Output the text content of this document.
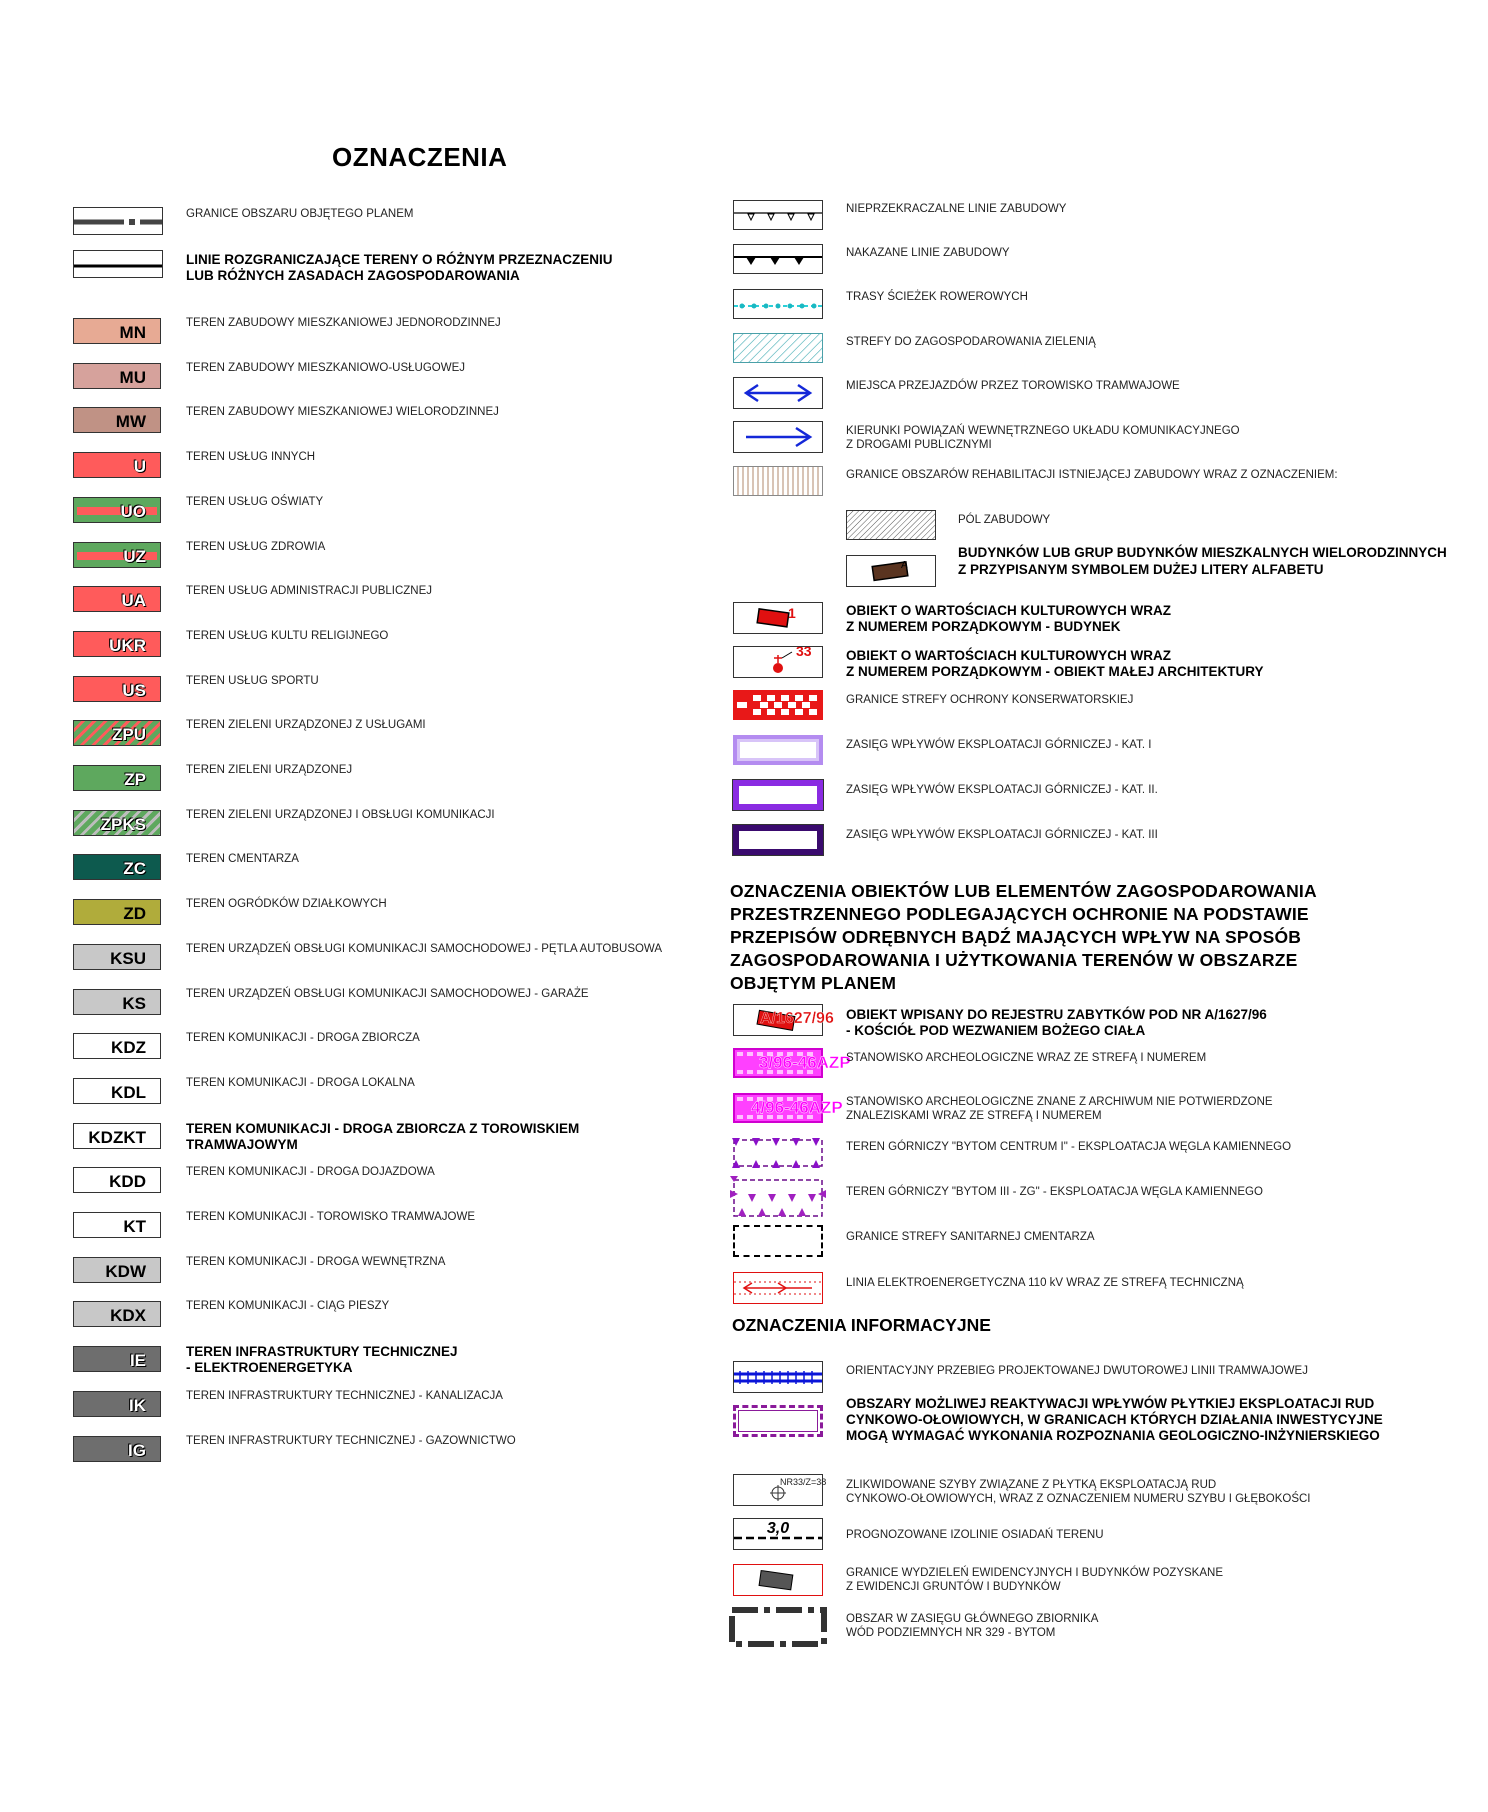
OZNACZENIA
GRANICE OBSZARU OBJĘTEGO PLANEM
LINIE ROZGRANICZAJĄCE TERENY O RÓŻNYM PRZEZNACZENIU
LUB RÓŻNYCH ZASADACH ZAGOSPODAROWANIA
MN	TEREN ZABUDOWY MIESZKANIOWEJ JEDNORODZINNEJ
MU	TEREN ZABUDOWY MIESZKANIOWO-USŁUGOWEJ
MW	TEREN ZABUDOWY MIESZKANIOWEJ WIELORODZINNEJ
U	TEREN USŁUG INNYCH
UO	TEREN USŁUG OŚWIATY
UZ	TEREN USŁUG ZDROWIA
UA	TEREN USŁUG ADMINISTRACJI PUBLICZNEJ
UKR	TEREN USŁUG KULTU RELIGIJNEGO
US	TEREN USŁUG SPORTU
ZPU	TEREN ZIELENI URZĄDZONEJ Z USŁUGAMI
ZP	TEREN ZIELENI URZĄDZONEJ
ZPKS	TEREN ZIELENI URZĄDZONEJ I OBSŁUGI KOMUNIKACJI
ZC	TEREN CMENTARZA
ZD	TEREN OGRÓDKÓW DZIAŁKOWYCH
KSU	TEREN URZĄDZEŃ OBSŁUGI KOMUNIKACJI SAMOCHODOWEJ - PĘTLA AUTOBUSOWA
KS	TEREN URZĄDZEŃ OBSŁUGI KOMUNIKACJI SAMOCHODOWEJ - GARAŻE
KDZ	TEREN KOMUNIKACJI - DROGA ZBIORCZA
KDL	TEREN KOMUNIKACJI - DROGA LOKALNA
KDZKT	TEREN KOMUNIKACJI - DROGA ZBIORCZA Z TOROWISKIEM
TRAMWAJOWYM
KDD	TEREN KOMUNIKACJI - DROGA DOJAZDOWA
KT	TEREN KOMUNIKACJI - TOROWISKO TRAMWAJOWE
KDW	TEREN KOMUNIKACJI - DROGA WEWNĘTRZNA
KDX	TEREN KOMUNIKACJI - CIĄG PIESZY
IE	TEREN INFRASTRUKTURY TECHNICZNEJ
- ELEKTROENERGETYKA
IK	TEREN INFRASTRUKTURY TECHNICZNEJ - KANALIZACJA
IG	TEREN INFRASTRUKTURY TECHNICZNEJ - GAZOWNICTWO
NIEPRZEKRACZALNE LINIE ZABUDOWY
NAKAZANE LINIE ZABUDOWY
TRASY ŚCIEŻEK ROWEROWYCH
STREFY DO ZAGOSPODAROWANIA ZIELENIĄ
MIEJSCA PRZEJAZDÓW PRZEZ TOROWISKO TRAMWAJOWE
KIERUNKI POWIĄZAŃ WEWNĘTRZNEGO UKŁADU KOMUNIKACYJNEGO
Z DROGAMI PUBLICZNYMI
GRANICE OBSZARÓW REHABILITACJI ISTNIEJĄCEJ ZABUDOWY WRAZ Z OZNACZENIEM:
PÓL ZABUDOWY
A
BUDYNKÓW LUB GRUP BUDYNKÓW MIESZKALNYCH WIELORODZINNYCH
Z PRZYPISANYM SYMBOLEM DUŻEJ LITERY ALFABETU
1	OBIEKT O WARTOŚCIACH KULTUROWYCH WRAZ
Z NUMEREM PORZĄDKOWYM - BUDYNEK
33	OBIEKT O WARTOŚCIACH KULTUROWYCH WRAZ
Z NUMEREM PORZĄDKOWYM - OBIEKT MAŁEJ ARCHITEKTURY
GRANICE STREFY OCHRONY KONSERWATORSKIEJ
ZASIĘG WPŁYWÓW EKSPLOATACJI GÓRNICZEJ - KAT. I
ZASIĘG WPŁYWÓW EKSPLOATACJI GÓRNICZEJ - KAT. II.
ZASIĘG WPŁYWÓW EKSPLOATACJI GÓRNICZEJ - KAT. III
OZNACZENIA OBIEKTÓW LUB ELEMENTÓW ZAGOSPODAROWANIA
PRZESTRZENNEGO PODLEGAJĄCYCH OCHRONIE NA PODSTAWIE
PRZEPISÓW ODRĘBNYCH BĄDŹ MAJĄCYCH WPŁYW NA SPOSÓB
ZAGOSPODAROWANIA I UŻYTKOWANIA TERENÓW W OBSZARZE
OBJĘTYM PLANEM
A/1627/96 OBIEKT WPISANY DO REJESTRU ZABYTKÓW POD NR A/1627/96
- KOŚCIÓŁ POD WEZWANIEM BOŻEGO CIAŁA
3/96-46AZP
STANOWISKO ARCHEOLOGICZNE WRAZ ZE STREFĄ I NUMEREM
4/96-46AZP STANOWISKO ARCHEOLOGICZNE ZNANE Z ARCHIWUM NIE POTWIERDZONE
ZNALEZISKAMI WRAZ ZE STREFĄ I NUMEREM
TEREN GÓRNICZY "BYTOM CENTRUM I" - EKSPLOATACJA WĘGLA KAMIENNEGO
TEREN GÓRNICZY "BYTOM III - ZG" - EKSPLOATACJA WĘGLA KAMIENNEGO
GRANICE STREFY SANITARNEJ CMENTARZA
LINIA ELEKTROENERGETYCZNA 110 kV WRAZ ZE STREFĄ TECHNICZNĄ
OZNACZENIA INFORMACYJNE
ORIENTACYJNY PRZEBIEG PROJEKTOWANEJ DWUTOROWEJ LINII TRAMWAJOWEJ
OBSZARY MOŻLIWEJ REAKTYWACJI WPŁYWÓW PŁYTKIEJ EKSPLOATACJI RUD
CYNKOWO-OŁOWIOWYCH, W GRANICACH KTÓRYCH DZIAŁANIA INWESTYCYJNE
MOGĄ WYMAGAĆ WYKONANIA ROZPOZNANIA GEOLOGICZNO-INŻYNIERSKIEGO
NR33/Z=38 ZLIKWIDOWANE SZYBY ZWIĄZANE Z PŁYTKĄ EKSPLOATACJĄ RUD
CYNKOWO-OŁOWIOWYCH, WRAZ Z OZNACZENIEM NUMERU SZYBU I GŁĘBOKOŚCI
3,0	PROGNOZOWANE IZOLINIE OSIADAŃ TERENU
GRANICE WYDZIELEŃ EWIDENCYJNYCH I BUDYNKÓW POZYSKANE
Z EWIDENCJI GRUNTÓW I BUDYNKÓW
OBSZAR W ZASIĘGU GŁÓWNEGO ZBIORNIKA
WÓD PODZIEMNYCH NR 329 - BYTOM
